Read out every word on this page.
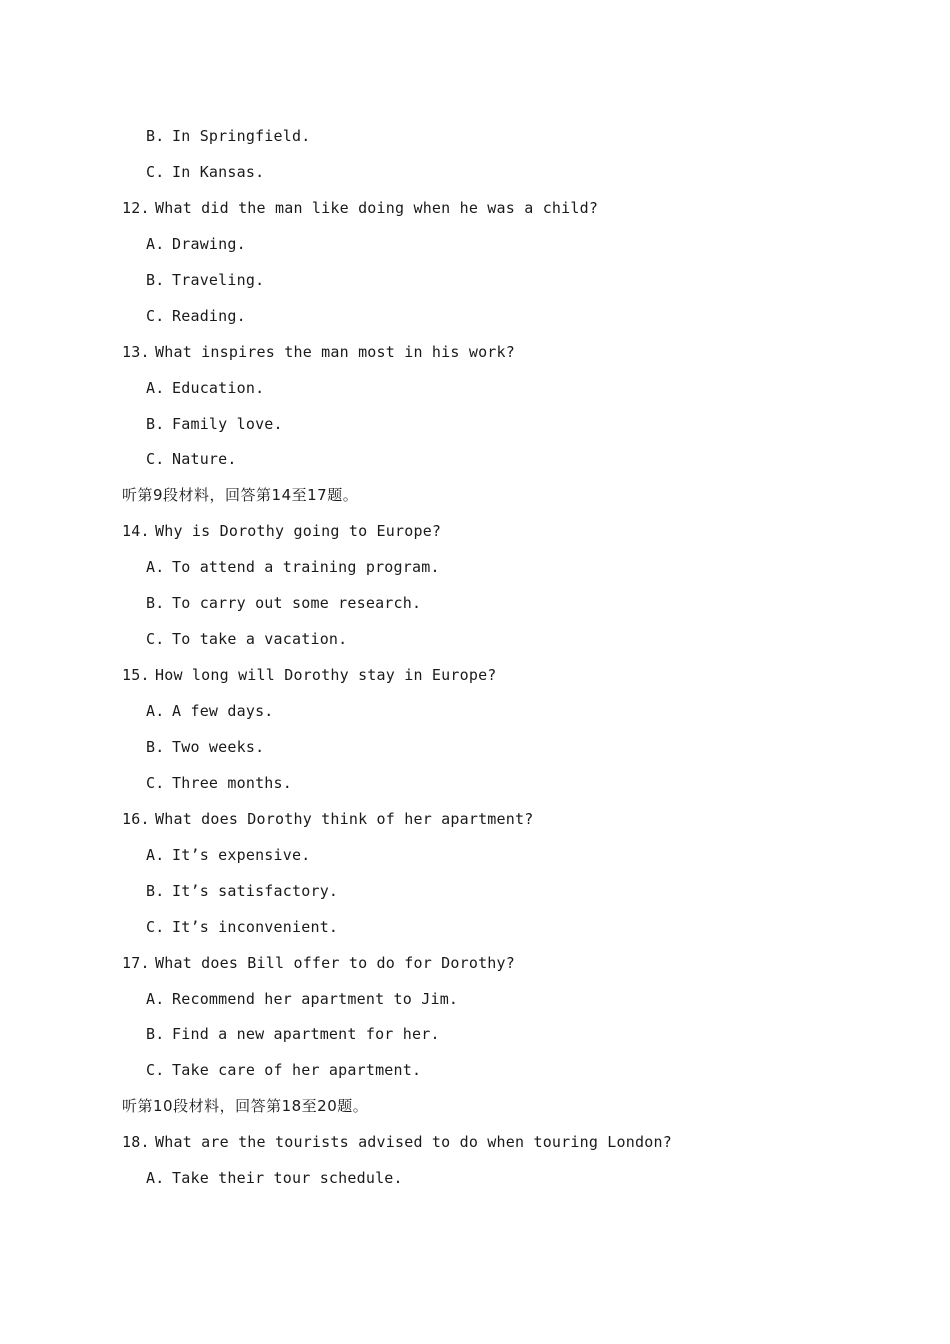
B. In Springfield.
C. In Kansas.
12. What did the man like doing when he was a child?
A. Drawing.
B. Traveling.
C. Reading.
13. What inspires the man most in his work?
A. Education.
B. Family love.
C. Nature.
听第9段材料，回答第14至17题。
14. Why is Dorothy going to Europe?
A. To attend a training program.
B. To carry out some research.
C. To take a vacation.
15. How long will Dorothy stay in Europe?
A. A few days.
B. Two weeks.
C. Three months.
16. What does Dorothy think of her apartment?
A. It’s expensive.
B. It’s satisfactory.
C. It’s inconvenient.
17. What does Bill offer to do for Dorothy?
A. Recommend her apartment to Jim.
B. Find a new apartment for her.
C. Take care of her apartment.
听第10段材料，回答第18至20题。
18. What are the tourists advised to do when touring London?
A. Take their tour schedule.
